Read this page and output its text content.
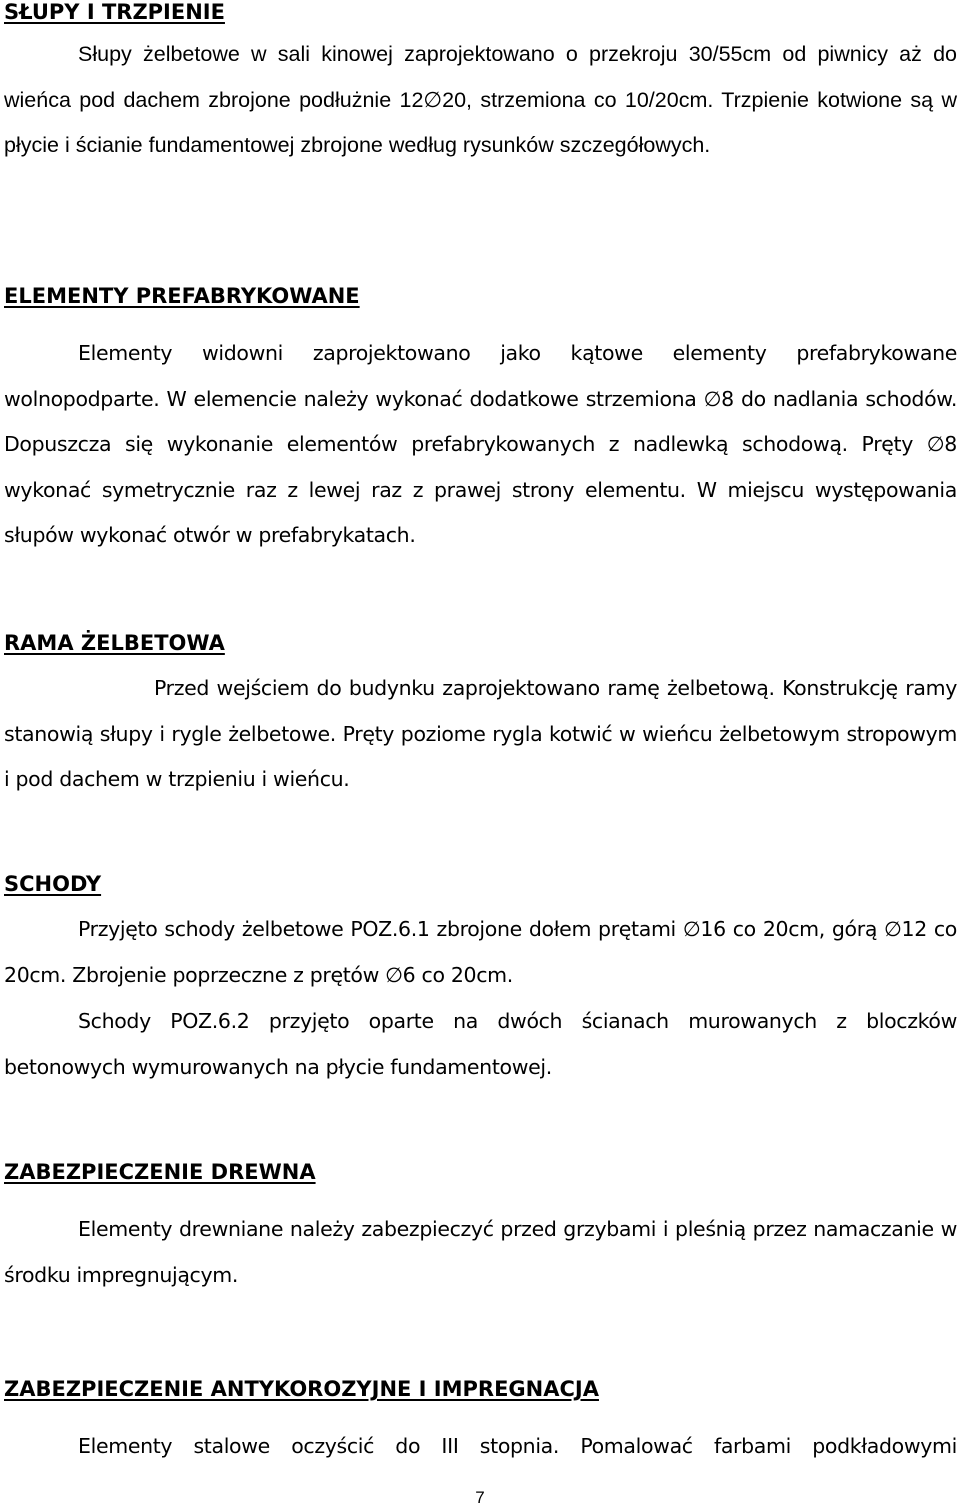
SŁUPY I TRZPIENIE

Słupy żelbetowe w sali kinowej zaprojektowano o przekroju 30/55cm od piwnicy aż do wieńca pod dachem zbrojone podłużnie 12∅20, strzemiona co 10/20cm. Trzpienie kotwione są w płycie i ścianie fundamentowej zbrojone według rysunków szczegółowych.

ELEMENTY PREFABRYKOWANE

Elementy widowni zaprojektowano jako kątowe elementy prefabrykowane wolnopodparte. W elemencie należy wykonać dodatkowe strzemiona ∅8 do nadlania schodów. Dopuszcza się wykonanie elementów prefabrykowanych z nadlewką schodową. Pręty ∅8 wykonać symetrycznie raz z lewej raz z prawej strony elementu. W miejscu występowania słupów wykonać otwór w prefabrykatach.

RAMA ŻELBETOWA

Przed wejściem do budynku zaprojektowano ramę żelbetową. Konstrukcję ramy stanowią słupy i rygle żelbetowe. Pręty poziome rygla kotwić w wieńcu żelbetowym stropowym i pod dachem w trzpieniu i wieńcu.

SCHODY

Przyjęto schody żelbetowe POZ.6.1 zbrojone dołem prętami ∅16 co 20cm, górą ∅12 co 20cm. Zbrojenie poprzeczne z prętów ∅6 co 20cm.

Schody POZ.6.2 przyjęto oparte na dwóch ścianach murowanych z bloczków betonowych wymurowanych na płycie fundamentowej.

ZABEZPIECZENIE DREWNA

Elementy drewniane należy zabezpieczyć przed grzybami i pleśnią przez namaczanie w środku impregnującym.

ZABEZPIECZENIE ANTYKOROZYJNE I IMPREGNACJA

Elementy stalowe oczyścić do III stopnia. Pomalować farbami podkładowymi

7
